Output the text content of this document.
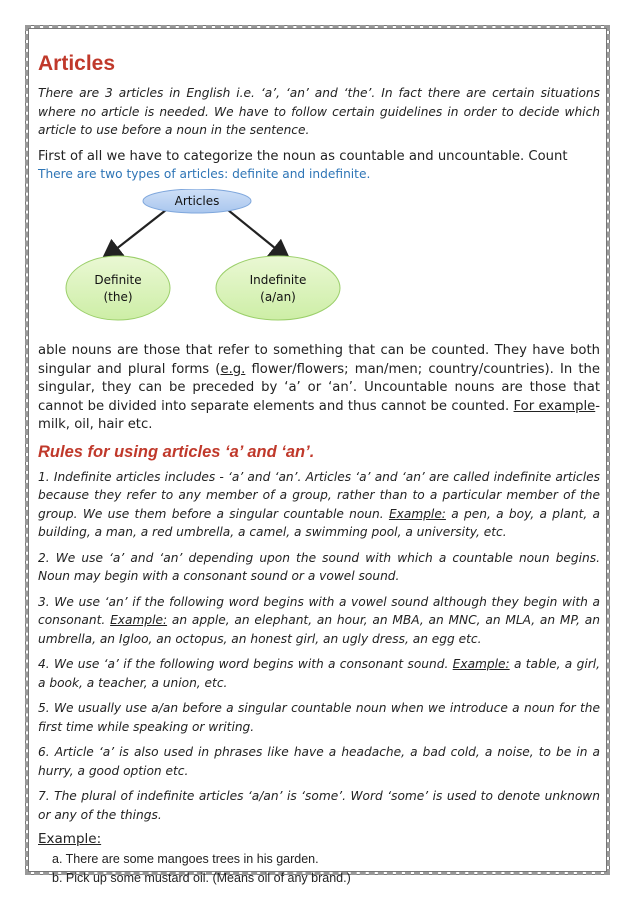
Articles

There are 3 articles in English i.e. ‘a’, ‘an’ and ‘the’. In fact there are certain situations where no article is needed. We have to follow certain guidelines in order to decide which article to use before a noun in the sentence.

First of all we have to categorize the noun as countable and uncountable. Count

There are two types of articles: definite and indefinite.

Articles
Definite
(the)
Indefinite
(a/an)

able nouns are those that refer to something that can be counted. They have both singular and plural forms (e.g. flower/flowers; man/men; country/countries). In the singular, they can be preceded by ‘a’ or ‘an’. Uncountable nouns are those that cannot be divided into separate elements and thus cannot be counted. For example- milk, oil, hair etc.

Rules for using articles ‘a’ and ‘an’.

1. Indefinite articles includes - ‘a’ and ‘an’. Articles ‘a’ and ‘an’ are called indefinite articles because they refer to any member of a group, rather than to a particular member of the group. We use them before a singular countable noun. Example: a pen, a boy, a plant, a building, a man, a red umbrella, a camel, a swimming pool, a university, etc.

2. We use ‘a’ and ‘an’ depending upon the sound with which a countable noun begins. Noun may begin with a consonant sound or a vowel sound.

3. We use ‘an’ if the following word begins with a vowel sound although they begin with a consonant. Example: an apple, an elephant, an hour, an MBA, an MNC, an MLA, an MP, an umbrella, an Igloo, an octopus, an honest girl, an ugly dress, an egg etc.

4. We use ‘a’ if the following word begins with a consonant sound. Example: a table, a girl, a book, a teacher, a union, etc.

5. We usually use a/an before a singular countable noun when we introduce a noun for the first time while speaking or writing.

6. Article ‘a’ is also used in phrases like have a headache, a bad cold, a noise, to be in a hurry, a good option etc.

7. The plural of indefinite articles ‘a/an’ is ‘some’. Word ‘some’ is used to denote unknown or any of the things.

Example:

a. There are some mangoes trees in his garden.

b. Pick up some mustard oil. (Means oil of any brand.)
